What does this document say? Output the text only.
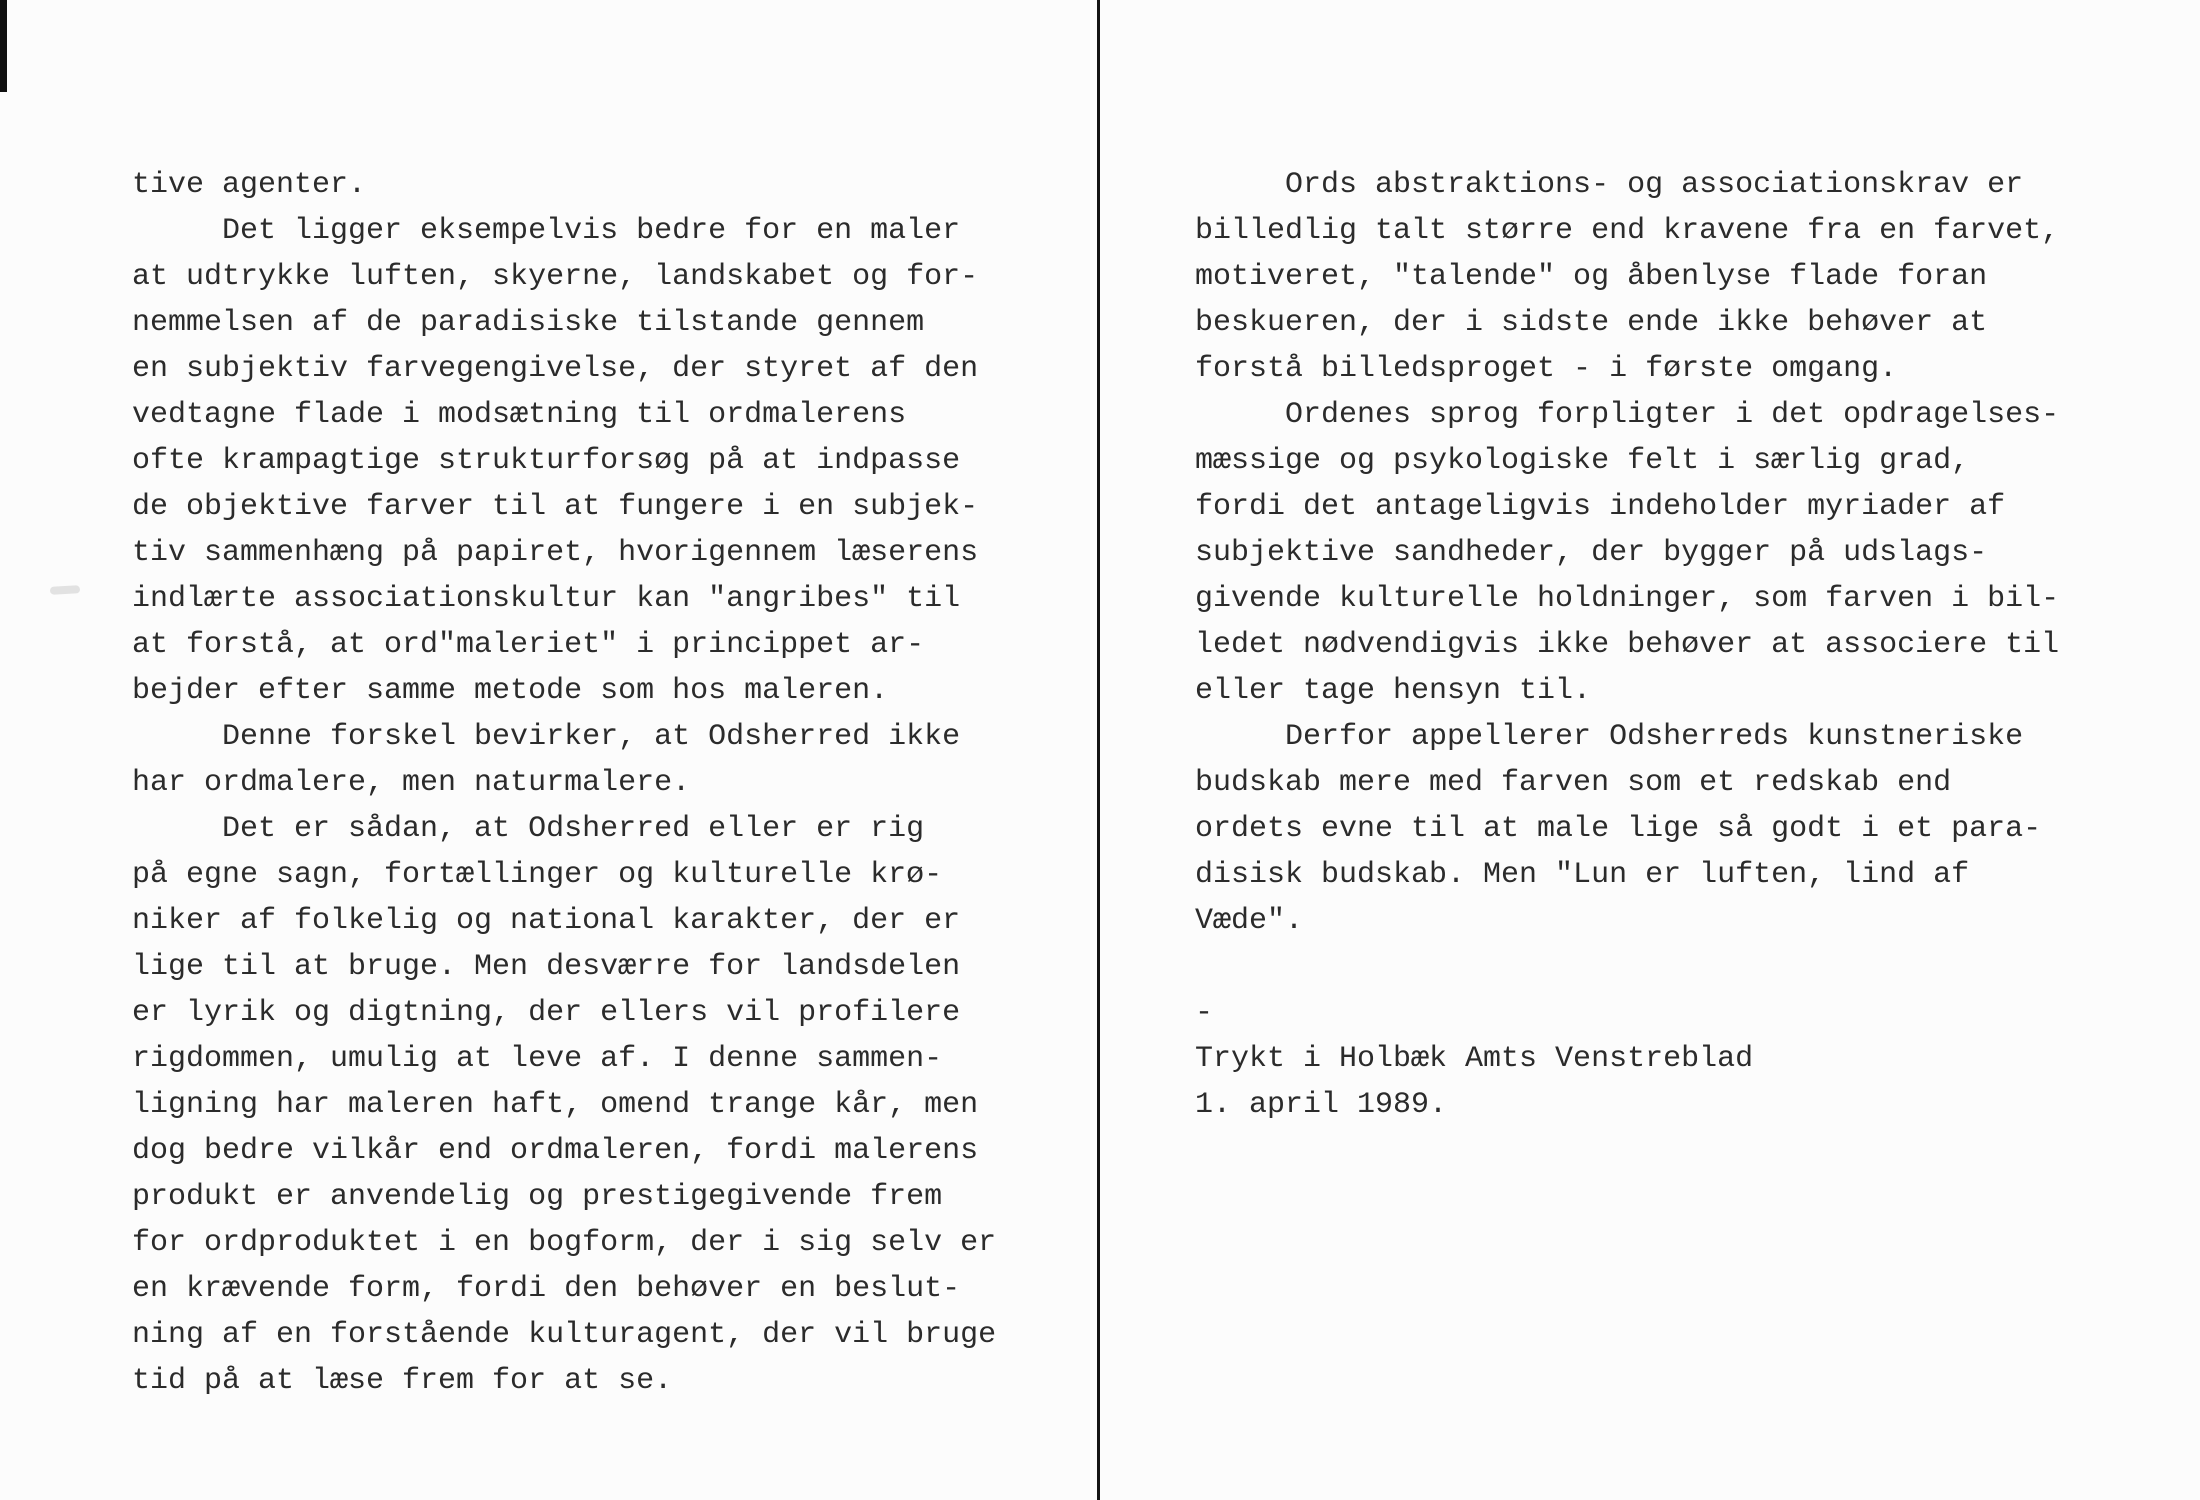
tive agenter.
Det ligger eksempelvis bedre for en maler
at udtrykke luften, skyerne, landskabet og for-
nemmelsen af de paradisiske tilstande gennem
en subjektiv farvegengivelse, der styret af den
vedtagne flade i modsætning til ordmalerens
ofte krampagtige strukturforsøg på at indpasse
de objektive farver til at fungere i en subjek-
tiv sammenhæng på papiret, hvorigennem læserens
indlærte associationskultur kan "angribes" til
at forstå, at ord"maleriet" i princippet ar-
bejder efter samme metode som hos maleren.
Denne forskel bevirker, at Odsherred ikke
har ordmalere, men naturmalere.
Det er sådan, at Odsherred eller er rig
på egne sagn, fortællinger og kulturelle krø-
niker af folkelig og national karakter, der er
lige til at bruge. Men desværre for landsdelen
er lyrik og digtning, der ellers vil profilere
rigdommen, umulig at leve af. I denne sammen-
ligning har maleren haft, omend trange kår, men
dog bedre vilkår end ordmaleren, fordi malerens
produkt er anvendelig og prestigegivende frem
for ordproduktet i en bogform, der i sig selv er
en krævende form, fordi den behøver en beslut-
ning af en forstående kulturagent, der vil bruge
tid på at læse frem for at se.
Ords abstraktions- og associationskrav er
billedlig talt større end kravene fra en farvet,
motiveret, "talende" og åbenlyse flade foran
beskueren, der i sidste ende ikke behøver at
forstå billedsproget - i første omgang.
Ordenes sprog forpligter i det opdragelses-
mæssige og psykologiske felt i særlig grad,
fordi det antageligvis indeholder myriader af
subjektive sandheder, der bygger på udslags-
givende kulturelle holdninger, som farven i bil-
ledet nødvendigvis ikke behøver at associere til
eller tage hensyn til.
Derfor appellerer Odsherreds kunstneriske
budskab mere med farven som et redskab end
ordets evne til at male lige så godt i et para-
disisk budskab. Men "Lun er luften, lind af
Væde".
-
Trykt i Holbæk Amts Venstreblad
1. april 1989.
